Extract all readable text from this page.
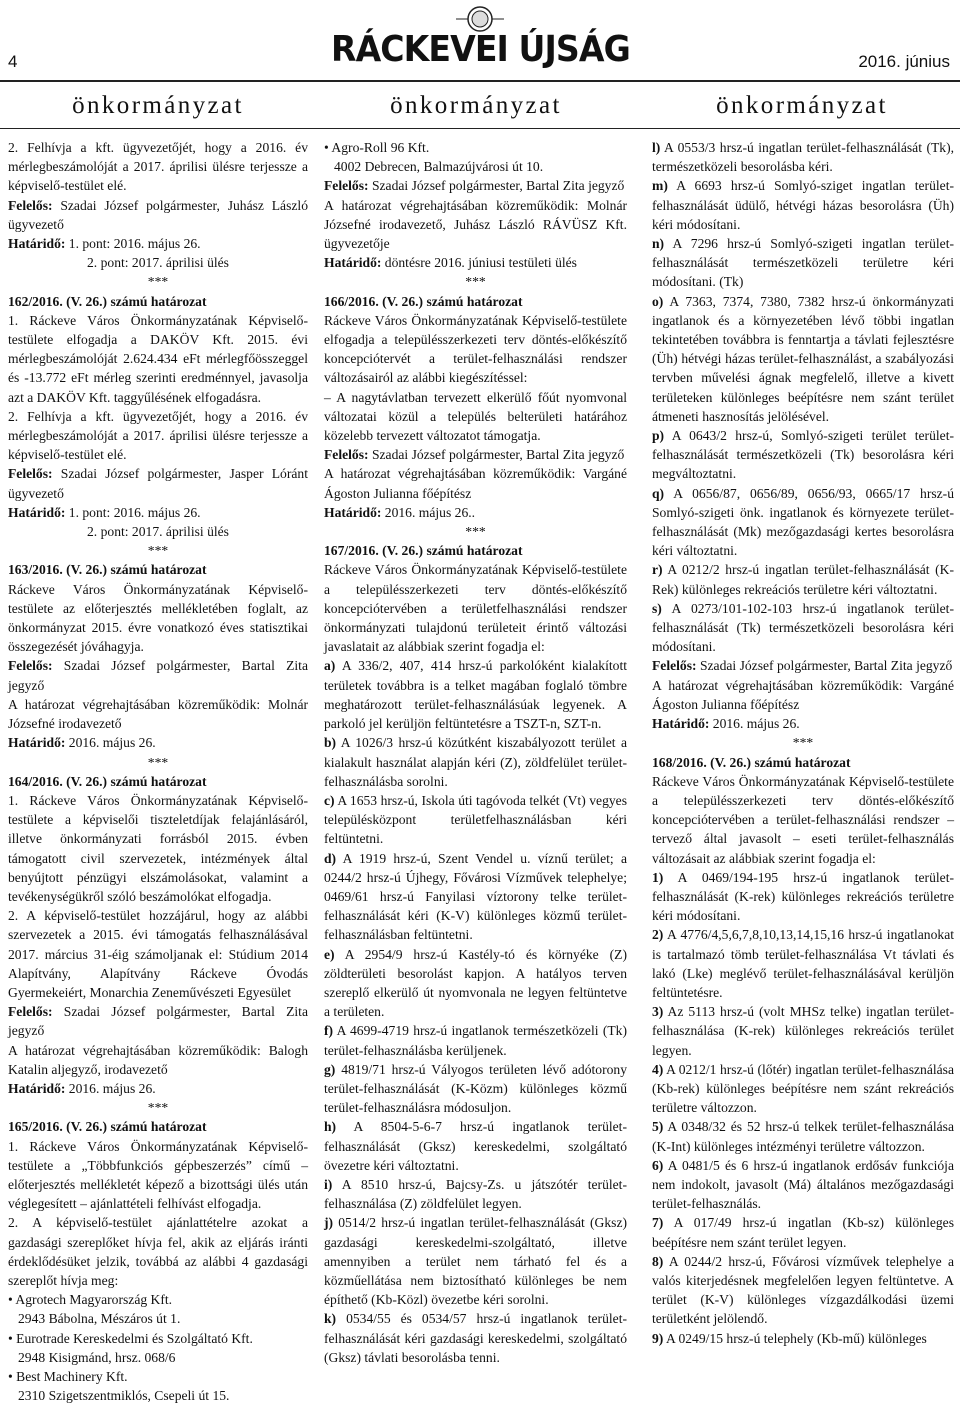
4	RÁCKEVEI ÚJSÁG	2016. június
önkormányzat	önkormányzat	önkormányzat

2. Felhívja a kft. ügyvezetőjét, hogy a 2016. év mérlegbeszámolóját a 2017. áprilisi ülésre terjessze a képviselő-testület elé.

Felelős: Szadai József polgármester, Juhász László ügyvezető

Határidő: 1. pont: 2016. május 26.

2. pont: 2017. áprilisi ülés

***

162/2016. (V. 26.) számú határozat

1. Ráckeve Város Önkormányzatának Képviselő-testülete elfogadja a DAKÖV Kft. 2015. évi mérlegbeszámolóját 2.624.434 eFt mérlegfőösszeggel és -13.772 eFt mérleg szerinti eredménnyel, javasolja azt a DAKÖV Kft. taggyűlésének elfogadásra.

2. Felhívja a kft. ügyvezetőjét, hogy a 2016. év mérlegbeszámolóját a 2017. áprilisi ülésre terjessze a képviselő-testület elé.

Felelős: Szadai József polgármester, Jasper Lóránt ügyvezető

Határidő: 1. pont: 2016. május 26.

2. pont: 2017. áprilisi ülés

***

163/2016. (V. 26.) számú határozat

Ráckeve Város Önkormányzatának Képviselő-testülete az előterjesztés mellékletében foglalt, az önkormányzat 2015. évre vonatkozó éves statisztikai összegezését jóváhagyja.

Felelős: Szadai József polgármester, Bartal Zita jegyző

A határozat végrehajtásában közreműködik: Molnár Józsefné irodavezető

Határidő: 2016. május 26.

***

164/2016. (V. 26.) számú határozat

1. Ráckeve Város Önkormányzatának Képviselő-testülete a képviselői tiszteletdíjak felajánlásáról, illetve önkormányzati forrásból 2015. évben támogatott civil szervezetek, intézmények által benyújtott pénzügyi elszámolásokat, valamint a tevékenységükről szóló beszámolókat elfogadja.

2. A képviselő-testület hozzájárul, hogy az alábbi szervezetek a 2015. évi támogatás felhasználásával 2017. március 31-éig számoljanak el: Stúdium 2014 Alapítvány, Alapítvány Ráckeve Óvodás Gyermekeiért, Monarchia Zeneművészeti Egyesület

Felelős: Szadai József polgármester, Bartal Zita jegyző

A határozat végrehajtásában közreműködik: Balogh Katalin aljegyző, irodavezető

Határidő: 2016. május 26.

***

165/2016. (V. 26.) számú határozat

1. Ráckeve Város Önkormányzatának Képviselő-testülete a „Többfunkciós gépbeszerzés” című – előterjesztés mellékletét képező a bizottsági ülés után véglegesített – ajánlattételi felhívást elfogadja.

2. A képviselő-testület ajánlattételre azokat a gazdasági szereplőket hívja fel, akik az eljárás iránti érdeklődésüket jelzik, továbbá az alábbi 4 gazdasági szereplőt hívja meg:

• Agrotech Magyarország Kft.

2943 Bábolna, Mészáros út 1.

• Eurotrade Kereskedelmi és Szolgáltató Kft.

2948 Kisigmánd, hrsz. 068/6

• Best Machinery Kft.

2310 Szigetszentmiklós, Csepeli út 15.

• Agro-Roll 96 Kft.

4002 Debrecen, Balmazújvárosi út 10.

Felelős: Szadai József polgármester, Bartal Zita jegyző

A határozat végrehajtásában közreműködik: Molnár Józsefné irodavezető, Juhász László RÁVÜSZ Kft. ügyvezetője

Határidő: döntésre 2016. júniusi testületi ülés

***

166/2016. (V. 26.) számú határozat

Ráckeve Város Önkormányzatának Képviselő-testülete elfogadja a településszerkezeti terv döntés-előkészítő koncepciótervét a terület-felhasználási rendszer változásairól az alábbi kiegészítéssel:

– A nagytávlatban tervezett elkerülő főút nyomvonal változatai közül a település belterületi határához közelebb tervezett változatot támogatja.

Felelős: Szadai József polgármester, Bartal Zita jegyző

A határozat végrehajtásában közreműködik: Vargáné Ágoston Julianna főépítész

Határidő: 2016. május 26..

***

167/2016. (V. 26.) számú határozat

Ráckeve Város Önkormányzatának Képviselő-testülete a településszerkezeti terv döntés-előkészítő koncepciótervében a területfelhasználási rendszer önkormányzati tulajdonú területeit érintő változási javaslatait az alábbiak szerint fogadja el:

a) A 336/2, 407, 414 hrsz-ú parkolóként kialakított területek továbbra is a telket magában foglaló tömbre meghatározott terület-felhasználásúak legyenek. A parkoló jel kerüljön feltüntetésre a TSZT-n, SZT-n.

b) A 1026/3 hrsz-ú közútként kiszabályozott terület a kialakult használat alapján kéri (Z), zöldfelület terület-felhasználásba sorolni.

c) A 1653 hrsz-ú, Iskola úti tagóvoda telkét (Vt) vegyes településközpont területfelhasználásban kéri feltüntetni.

d) A 1919 hrsz-ú, Szent Vendel u. víznű terület; a 0244/2 hrsz-ú Újhegy, Fővárosi Vízművek telephelye; 0469/61 hrsz-ú Fanyilasi víztorony telke terület-felhasználását kéri (K-V) különleges közmű terület-felhasználásban feltüntetni.

e) A 2954/9 hrsz-ú Kastély-tó és környéke (Z) zöldterületi besorolást kapjon. A hatályos terven szereplő elkerülő út nyomvonala ne legyen feltüntetve a területen.

f) A 4699-4719 hrsz-ú ingatlanok természetközeli (Tk) terület-felhasználásba kerüljenek.

g) 4819/71 hrsz-ú Vályogos területen lévő adótorony terület-felhasználását (K-Közm) különleges közmű terület-felhasználásra módosuljon.

h) A 8504-5-6-7 hrsz-ú ingatlanok terület-felhasználását (Gksz) kereskedelmi, szolgáltató övezetre kéri változtatni.

i) A 8510 hrsz-ú, Bajcsy-Zs. u játszótér terület-felhasználása (Z) zöldfelület legyen.

j) 0514/2 hrsz-ú ingatlan terület-felhasználását (Gksz) gazdasági kereskedelmi-szolgáltató, illetve amennyiben a terület nem tárható fel és a közműellátása nem biztosítható különleges be nem építhető (Kb-Közl) övezetbe kéri sorolni.

k) 0534/55 és 0534/57 hrsz-ú ingatlanok terület-felhasználását kéri gazdasági kereskedelmi, szolgáltató (Gksz) távlati besorolásba tenni.

l) A 0553/3 hrsz-ú ingatlan terület-felhasználását (Tk), természetközeli besorolásba kéri.

m) A 6693 hrsz-ú Somlyó-sziget ingatlan terület-felhasználását üdülő, hétvégi házas besorolásra (Üh) kéri módosítani.

n) A 7296 hrsz-ú Somlyó-szigeti ingatlan terület-felhasználását természetközeli területre kéri módosítani. (Tk)

o) A 7363, 7374, 7380, 7382 hrsz-ú önkormányzati ingatlanok és a környezetében lévő többi ingatlan tekintetében továbbra is fenntartja a távlati fejlesztésre (Üh) hétvégi házas terület-felhasználást, a szabályozási tervben művelési ágnak megfelelő, illetve a kivett területeken különleges beépítésre nem szánt terület átmeneti hasznosítás jelölésével.

p) A 0643/2 hrsz-ú, Somlyó-szigeti terület terület-felhasználását természetközeli (Tk) besorolásra kéri megváltoztatni.

q) A 0656/87, 0656/89, 0656/93, 0665/17 hrsz-ú Somlyó-szigeti önk. ingatlanok és környezete terület-felhasználását (Mk) mezőgazdasági kertes besorolásra kéri változtatni.

r) A 0212/2 hrsz-ú ingatlan terület-felhasználását (K-Rek) különleges rekreációs területre kéri változtatni.

s) A 0273/101-102-103 hrsz-ú ingatlanok terület-felhasználását (Tk) természetközeli besorolásra kéri módosítani.

Felelős: Szadai József polgármester, Bartal Zita jegyző

A határozat végrehajtásában közreműködik: Vargáné Ágoston Julianna főépítész

Határidő: 2016. május 26.

***

168/2016. (V. 26.) számú határozat

Ráckeve Város Önkormányzatának Képviselő-testülete a településszerkezeti terv döntés-előkészítő koncepciótervében a terület-felhasználási rendszer – tervező által javasolt – eseti terület-felhasználás változásait az alábbiak szerint fogadja el:

1) A 0469/194-195 hrsz-ú ingatlanok terület-felhasználását (K-rek) különleges rekreációs területre kéri módosítani.

2) A 4776/4,5,6,7,8,10,13,14,15,16 hrsz-ú ingatlanokat is tartalmazó tömb terület-felhasználása Vt távlati és lakó (Lke) meglévő terület-felhasználásával kerüljön feltüntetésre.

3) Az 5113 hrsz-ú (volt MHSz telke) ingatlan terület-felhasználása (K-rek) különleges rekreációs terület legyen.

4) A 0212/1 hrsz-ú (lőtér) ingatlan terület-felhasználása (Kb-rek) különleges beépítésre nem szánt rekreációs területre változzon.

5) A 0348/32 és 52 hrsz-ú telkek terület-felhasználása (K-Int) különleges intézményi területre változzon.

6) A 0481/5 és 6 hrsz-ú ingatlanok erdősáv funkciója nem indokolt, javasolt (Má) általános mezőgazdasági terület-felhasználás.

7) A 017/49 hrsz-ú ingatlan (Kb-sz) különleges beépítésre nem szánt terület legyen.

8) A 0244/2 hrsz-ú, Fővárosi vízművek telephelye a valós kiterjedésnek megfelelően legyen feltüntetve. A terület (K-V) különleges vízgazdálkodási üzemi területként jelölendő.

9) A 0249/15 hrsz-ú telephely (Kb-mű) különleges
